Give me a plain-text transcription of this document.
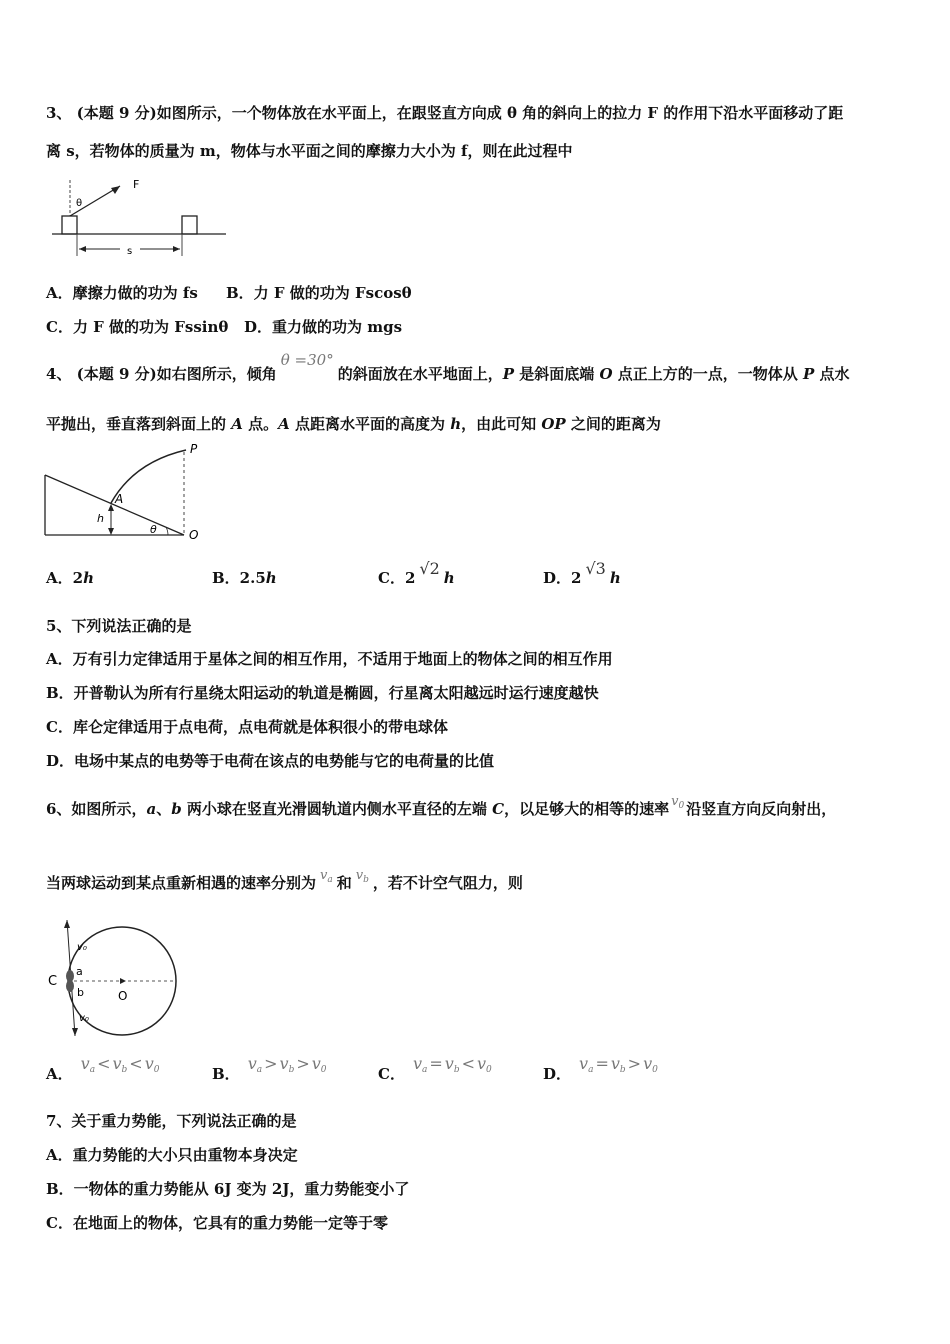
3、 (本题 9 分)如图所示，一个物体放在水平面上，在跟竖直方向成 θ 角的斜向上的拉力 F 的作用下沿水平面移动了距
离 s，若物体的质量为 m，物体与水平面之间的摩擦力大小为 f，则在此过程中
F
θ
s
A．摩擦力做的功为 fs B．力 F 做的功为 Fscosθ
C．力 F 做的功为 Fssinθ D．重力做的功为 mgs
4、 (本题 9 分)如右图所示，倾角θ =30°的斜面放在水平地面上，P 是斜面底端 O 点正上方的一点，一物体从 P 点水
平抛出，垂直落到斜面上的 A 点。A 点距离水平面的高度为 h，由此可知 OP 之间的距离为
P
A
h
θ	O
A．2h	B．2.5h	C．2 √2 h	D．2 √3 h
5、下列说法正确的是
A．万有引力定律适用于星体之间的相互作用，不适用于地面上的物体之间的相互作用
B．开普勒认为所有行星绕太阳运动的轨道是椭圆，行星离太阳越远时运行速度越快
C．库仑定律适用于点电荷，点电荷就是体积很小的带电球体
D．电场中某点的电势等于电荷在该点的电势能与它的电荷量的比值
6、如图所示，a、b 两小球在竖直光滑圆轨道内侧水平直径的左端 C，以足够大的相等的速率 $v_0$ 沿竖直方向反向射出，
当两球运动到某点重新相遇的速率分别为 $v_a$ 和 $v_b$ ，若不计空气阻力，则
C
a
b	O
v₀
v₀
A．$v_a < v_b < v_0$	B．$v_a > v_b > v_0$	C．$v_a = v_b < v_0$	D．$v_a = v_b > v_0$
7、关于重力势能，下列说法正确的是
A．重力势能的大小只由重物本身决定
B．一物体的重力势能从 6J 变为 2J，重力势能变小了
C．在地面上的物体，它具有的重力势能一定等于零
